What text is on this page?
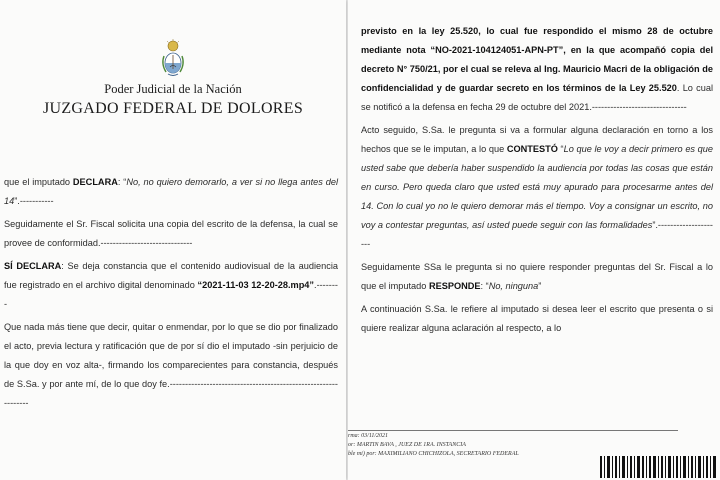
Poder Judicial de la Nación
JUZGADO FEDERAL DE DOLORES

que el imputado DECLARA: “No, no quiero demorarlo, a ver si no llega antes del 14”.-----------

Seguidamente el Sr. Fiscal solicita una copia del escrito de la defensa, la cual se provee de conformidad.------------------------------

SÍ DECLARA: Se deja constancia que el contenido audiovisual de la audiencia fue registrado en el archivo digital denominado “2021-11-03 12-20-28.mp4”.--------

Que nada más tiene que decir, quitar o enmendar, por lo que se dio por finalizado el acto, previa lectura y ratificación que de por sí dio el imputado -sin perjuicio de la que doy en voz alta-, firmando los comparecientes para constancia, después de S.Sa. y por ante mí, de lo que doy fe.---------------------------------------------------------------

previsto en la ley 25.520, lo cual fue respondido el mismo 28 de octubre mediante nota “NO-2021-104124051-APN-PT”, en la que acompañó copia del decreto N° 750/21, por el cual se releva al Ing. Mauricio Macri de la obligación de confidencialidad y de guardar secreto en los términos de la Ley 25.520. Lo cual se notificó a la defensa en fecha 29 de octubre del 2021.-------------------------------

Acto seguido, S.Sa. le pregunta si va a formular alguna declaración en torno a los hechos que se le imputan, a lo que CONTESTÓ “Lo que le voy a decir primero es que usted sabe que debería haber suspendido la audiencia por todas las cosas que están en curso. Pero queda claro que usted está muy apurado para procesarme antes del 14. Con lo cual yo no le quiero demorar más el tiempo. Voy a consignar un escrito, no voy a contestar preguntas, así usted puede seguir con las formalidades”.---------------------

Seguidamente SSa le pregunta si no quiere responder preguntas del Sr. Fiscal a lo que el imputado RESPONDE: “No, ninguna”

A continuación S.Sa. le refiere al imputado si desea leer el escrito que presenta o si quiere realizar alguna aclaración al respecto, a lo

rma: 03/11/2021
or: MARTIN BAVA , JUEZ DE 1RA. INSTANCIA
ble mi) por: MAXIMILIANO CHICHIZOLA, SECRETARIO FEDERAL
